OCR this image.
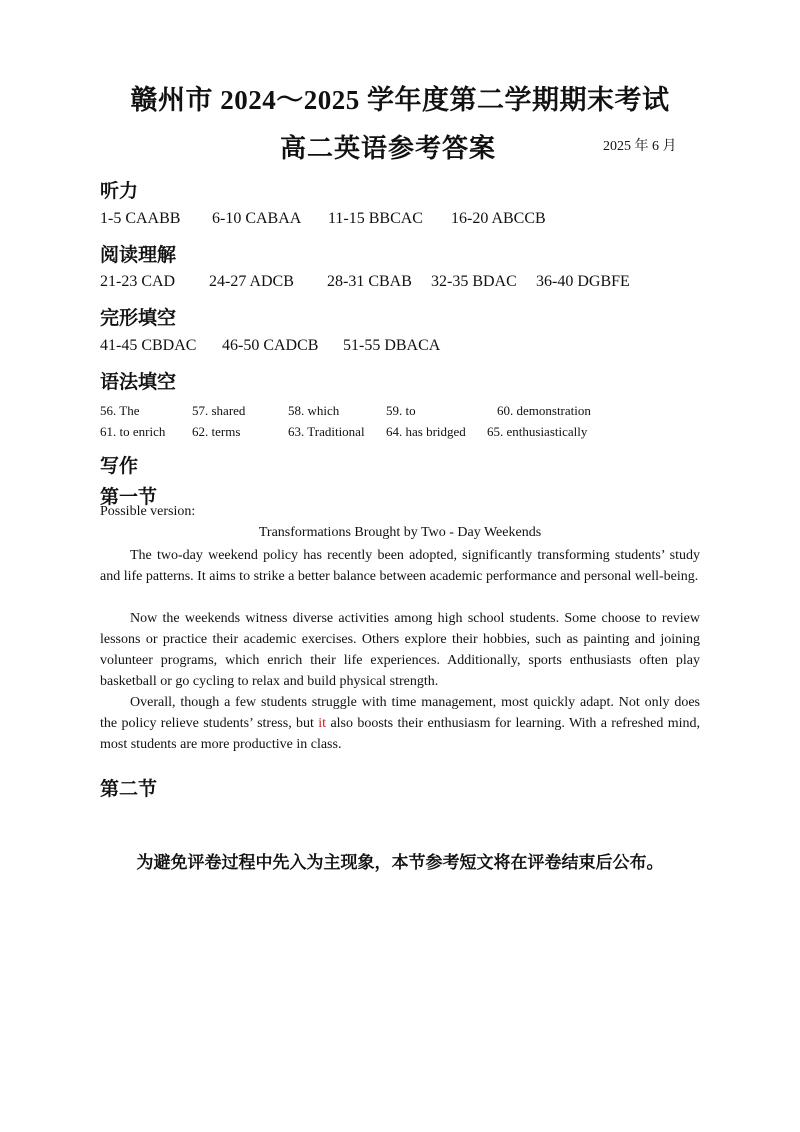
赣州市 2024～2025 学年度第二学期期末考试
高二英语参考答案	2025 年 6 月
听力
1-5 CAABB 6-10 CABAA 11-15 BBCAC 16-20 ABCCB
阅读理解
21-23 CAD 24-27 ADCB 28-31 CBAB 32-35 BDAC 36-40 DGBFE
完形填空
41-45 CBDAC 46-50 CADCB 51-55 DBACA
语法填空
56. The	57. shared	58. which	59. to	60. demonstration
61. to enrich 62. terms	63. Traditional 64. has bridged 65. enthusiastically
写作
第一节
Possible version:
Transformations Brought by Two - Day Weekends

The two-day weekend policy has recently been adopted, significantly transforming students’ study and life patterns. It aims to strike a better balance between academic performance and personal well-being.

Now the weekends witness diverse activities among high school students. Some choose to review lessons or practice their academic exercises. Others explore their hobbies, such as painting and joining volunteer programs, which enrich their life experiences. Additionally, sports enthusiasts often play basketball or go cycling to relax and build physical strength.

Overall, though a few students struggle with time management, most quickly adapt. Not only does the policy relieve students’ stress, but it also boosts their enthusiasm for learning. With a refreshed mind, most students are more productive in class.

第二节
为避免评卷过程中先入为主现象，本节参考短文将在评卷结束后公布。
